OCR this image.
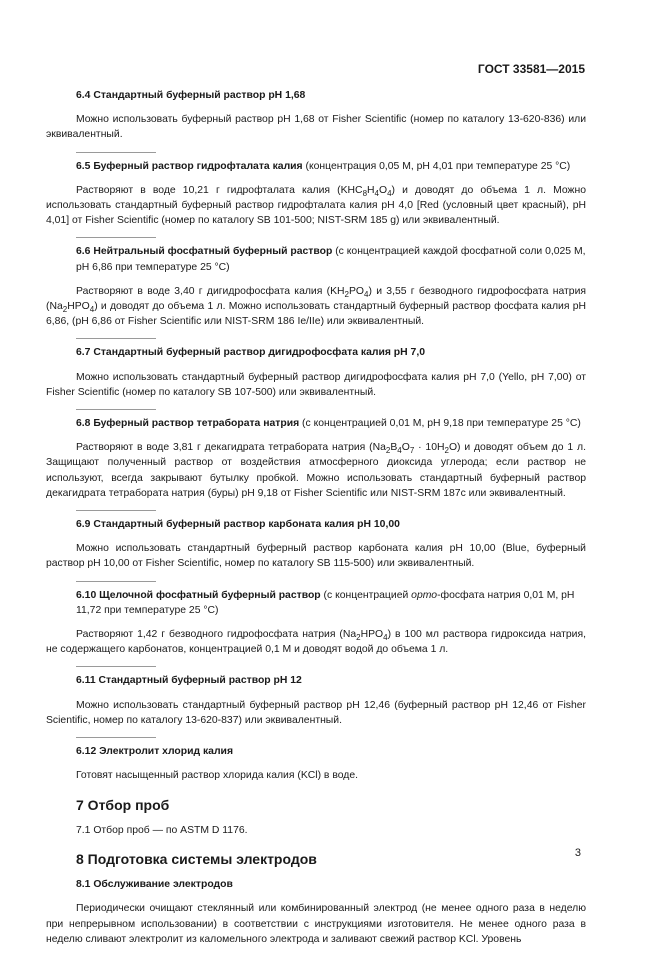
ГОСТ 33581—2015
6.4 Стандартный буферный раствор pH 1,68
Можно использовать буферный раствор pH 1,68 от Fisher Scientific (номер по каталогу 13-620-836) или эквивалентный.
6.5 Буферный раствор гидрофталата калия (концентрация 0,05 М, pH 4,01 при температуре 25 °C)
Растворяют в воде 10,21 г гидрофталата калия $(KHC_8H_4O_4)$ и доводят до объема 1 л. Можно использовать стандартный буферный раствор гидрофталата калия pH 4,0 [Red (условный цвет красный), pH 4,01] от Fisher Scientific (номер по каталогу SB 101-500; NIST-SRM 185 g) или эквивалентный.
6.6 Нейтральный фосфатный буферный раствор (с концентрацией каждой фосфатной соли 0,025 М, pH 6,86 при температуре 25 °C)
Растворяют в воде 3,40 г дигидрофосфата калия $(KH_2PO_4)$ и 3,55 г безводного гидрофосфата натрия $(Na_2HPO_4)$ и доводят до объема 1 л. Можно использовать стандартный буферный раствор фосфата калия pH 6,86, (pH 6,86 от Fisher Scientific или NIST-SRM 186 Ie/IIe) или эквивалентный.
6.7 Стандартный буферный раствор дигидрофосфата калия pH 7,0
Можно использовать стандартный буферный раствор дигидрофосфата калия pH 7,0 (Yello, pH 7,00) от Fisher Scientific (номер по каталогу SB 107-500) или эквивалентный.
6.8 Буферный раствор тетрабората натрия (с концентрацией 0,01 М, pH 9,18 при температуре 25 °C)
Растворяют в воде 3,81 г декагидрата тетрабората натрия $(Na_2B_4O_7 \cdot 10H_2O)$ и доводят объем до 1 л. Защищают полученный раствор от воздействия атмосферного диоксида углерода; если раствор не используют, всегда закрывают бутылку пробкой. Можно использовать стандартный буферный раствор декагидрата тетрабората натрия (буры) pH 9,18 от Fisher Scientific или NIST-SRM 187c или эквивалентный.
6.9 Стандартный буферный раствор карбоната калия pH 10,00
Можно использовать стандартный буферный раствор карбоната калия pH 10,00 (Blue, буферный раствор pH 10,00 от Fisher Scientific, номер по каталогу SB 115-500) или эквивалентный.
6.10 Щелочной фосфатный буферный раствор (с концентрацией орто-фосфата натрия 0,01 М, pH 11,72 при температуре 25 °C)
Растворяют 1,42 г безводного гидрофосфата натрия $(Na_2HPO_4)$ в 100 мл раствора гидроксида натрия, не содержащего карбонатов, концентрацией 0,1 М и доводят водой до объема 1 л.
6.11 Стандартный буферный раствор pH 12
Можно использовать стандартный буферный раствор pH 12,46 (буферный раствор pH 12,46 от Fisher Scientific, номер по каталогу 13-620-837) или эквивалентный.
6.12 Электролит хлорид калия
Готовят насыщенный раствор хлорида калия (KCl) в воде.
7 Отбор проб
7.1 Отбор проб — по ASTM D 1176.
8 Подготовка системы электродов
8.1 Обслуживание электродов
Периодически очищают стеклянный или комбинированный электрод (не менее одного раза в неделю при непрерывном использовании) в соответствии с инструкциями изготовителя. Не менее одного раза в неделю сливают электролит из каломельного электрода и заливают свежий раствор KCl. Уровень
3
